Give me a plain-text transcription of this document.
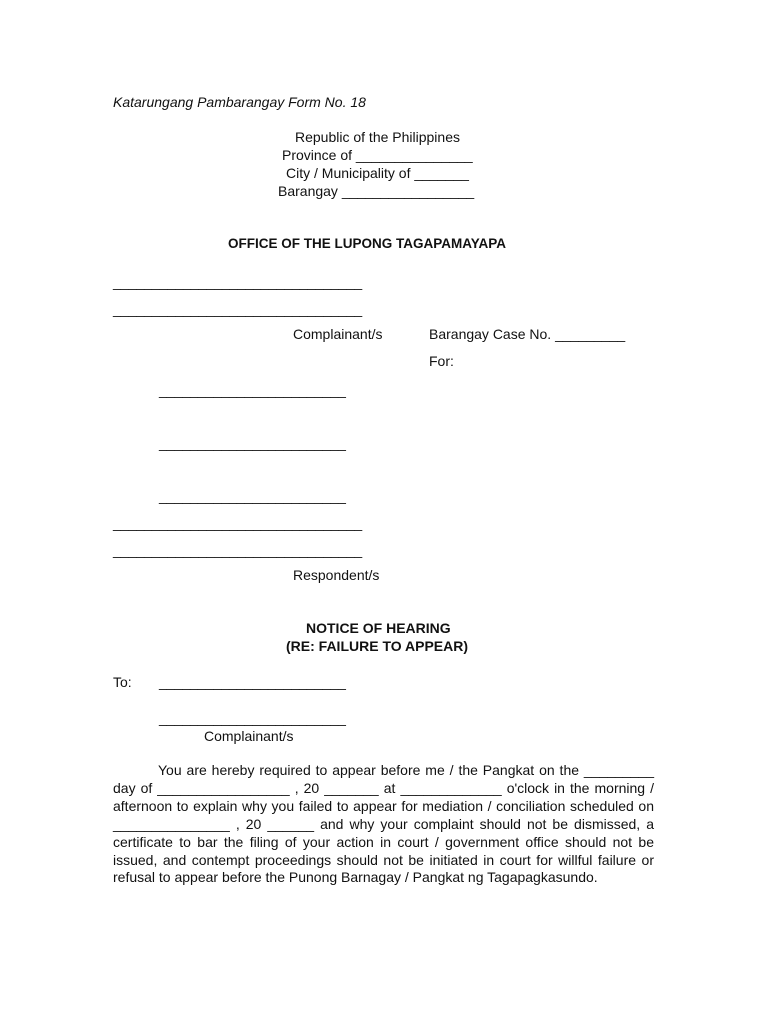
Katarungang Pambarangay Form No. 18
Republic of the Philippines
Province of _______________
City / Municipality of _______
Barangay _________________
OFFICE OF THE LUPONG TAGAPAMAYAPA
________________________________
________________________________
Complainant/s	Barangay Case No. _________
For:
________________________
________________________
________________________
________________________________
________________________________
Respondent/s
NOTICE OF HEARING
(RE: FAILURE TO APPEAR)
To: ________________________
________________________
Complainant/s
You are hereby required to appear before me / the Pangkat on the _________ day of _________________ , 20 _______ at _____________ o'clock in the morning / afternoon to explain why you failed to appear for mediation / conciliation scheduled on _______________ , 20 ______ and why your complaint should not be dismissed, a certificate to bar the filing of your action in court / government office should not be issued, and contempt proceedings should not be initiated in court for willful failure or refusal to appear before the Punong Barnagay / Pangkat ng Tagapagkasundo.
